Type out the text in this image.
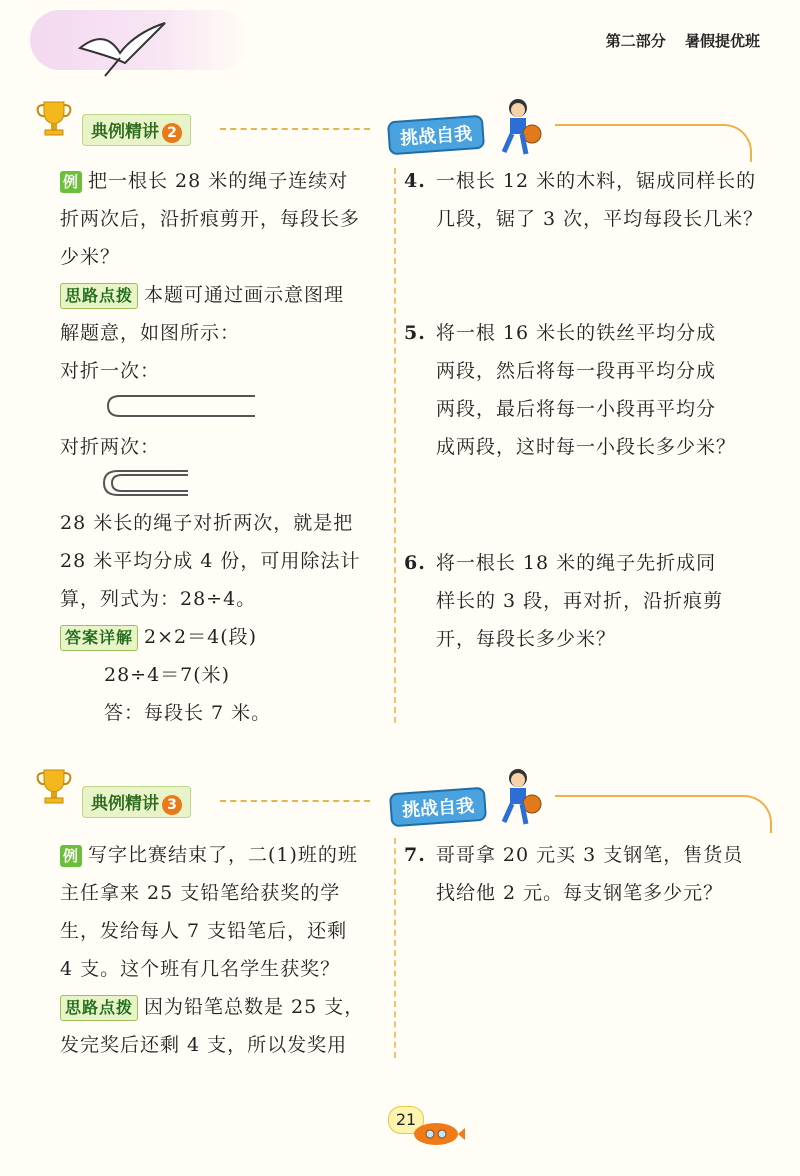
第二部分 暑假提优班
典例精讲 2	挑战自我
例 把一根长 28 米的绳子连续对
折两次后，沿折痕剪开，每段长多
少米？
思路点拨 本题可通过画示意图理
解题意，如图所示：
对折一次：
对折两次：
28 米长的绳子对折两次，就是把
28 米平均分成 4 份，可用除法计
算，列式为：28÷4。
答案详解 2×2＝4(段)
28÷4＝7(米)
答：每段长 7 米。
4. 一根长 12 米的木料，锯成同样长的
几段，锯了 3 次，平均每段长几米？
5. 将一根 16 米长的铁丝平均分成
两段，然后将每一段再平均分成
两段，最后将每一小段再平均分
成两段，这时每一小段长多少米？
6. 将一根长 18 米的绳子先折成同
样长的 3 段，再对折，沿折痕剪
开，每段长多少米？
典例精讲 3	挑战自我
例 写字比赛结束了，二(1)班的班
主任拿来 25 支铅笔给获奖的学
生，发给每人 7 支铅笔后，还剩
4 支。这个班有几名学生获奖？
思路点拨 因为铅笔总数是 25 支，
发完奖后还剩 4 支，所以发奖用
7. 哥哥拿 20 元买 3 支钢笔，售货员
找给他 2 元。每支钢笔多少元？
21
